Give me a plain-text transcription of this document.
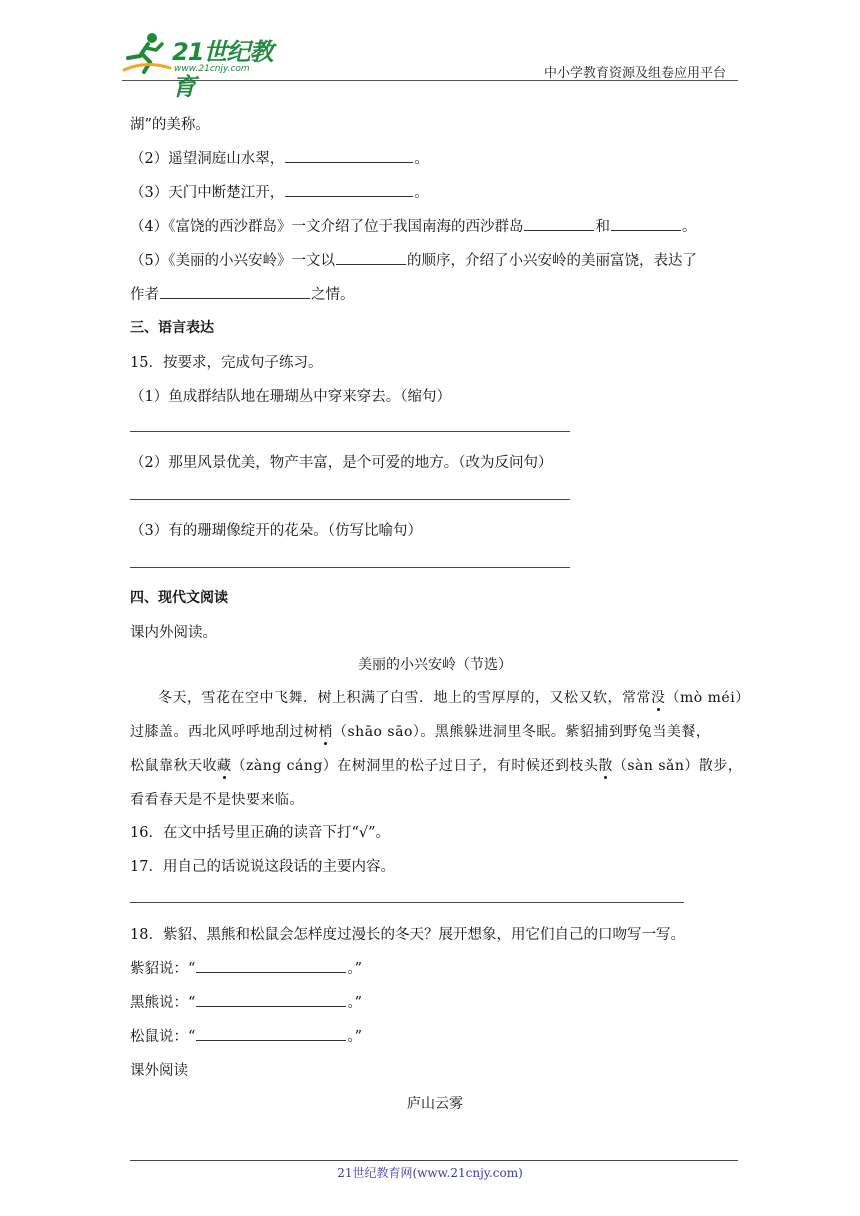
21世纪教育
www.21cnjy.com	中小学教育资源及组卷应用平台
湖”的美称。
（2）遥望洞庭山水翠，	。
（3）天门中断楚江开，	。
（4）《富饶的西沙群岛》一文介绍了位于我国南海的西沙群岛	和	。
（5）《美丽的小兴安岭》一文以	的顺序，介绍了小兴安岭的美丽富饶，表达了
作者	之情。
三、语言表达
15．按要求，完成句子练习。
（1）鱼成群结队地在珊瑚丛中穿来穿去。（缩句）
（2）那里风景优美，物产丰富，是个可爱的地方。（改为反问句）
（3）有的珊瑚像绽开的花朵。（仿写比喻句）
四、现代文阅读
课内外阅读。
美丽的小兴安岭（节选）
冬天，雪花在空中飞舞．树上积满了白雪．地上的雪厚厚的，又松又软，常常没（mò méi）
过膝盖。西北风呼呼地刮过树梢（shāo sāo）。黑熊躲进洞里冬眠。紫貂捕到野兔当美餐，
松鼠靠秋天收藏（zàng cáng）在树洞里的松子过日子，有时候还到枝头散（sàn sǎn）散步，
看看春天是不是快要来临。
16．在文中括号里正确的读音下打“√”。
17．用自己的话说说这段话的主要内容。
18．紫貂、黑熊和松鼠会怎样度过漫长的冬天？展开想象，用它们自己的口吻写一写。
紫貂说：“	。”
黑熊说：“	。”
松鼠说：“	。”
课外阅读
庐山云雾
21世纪教育网(www.21cnjy.com)
